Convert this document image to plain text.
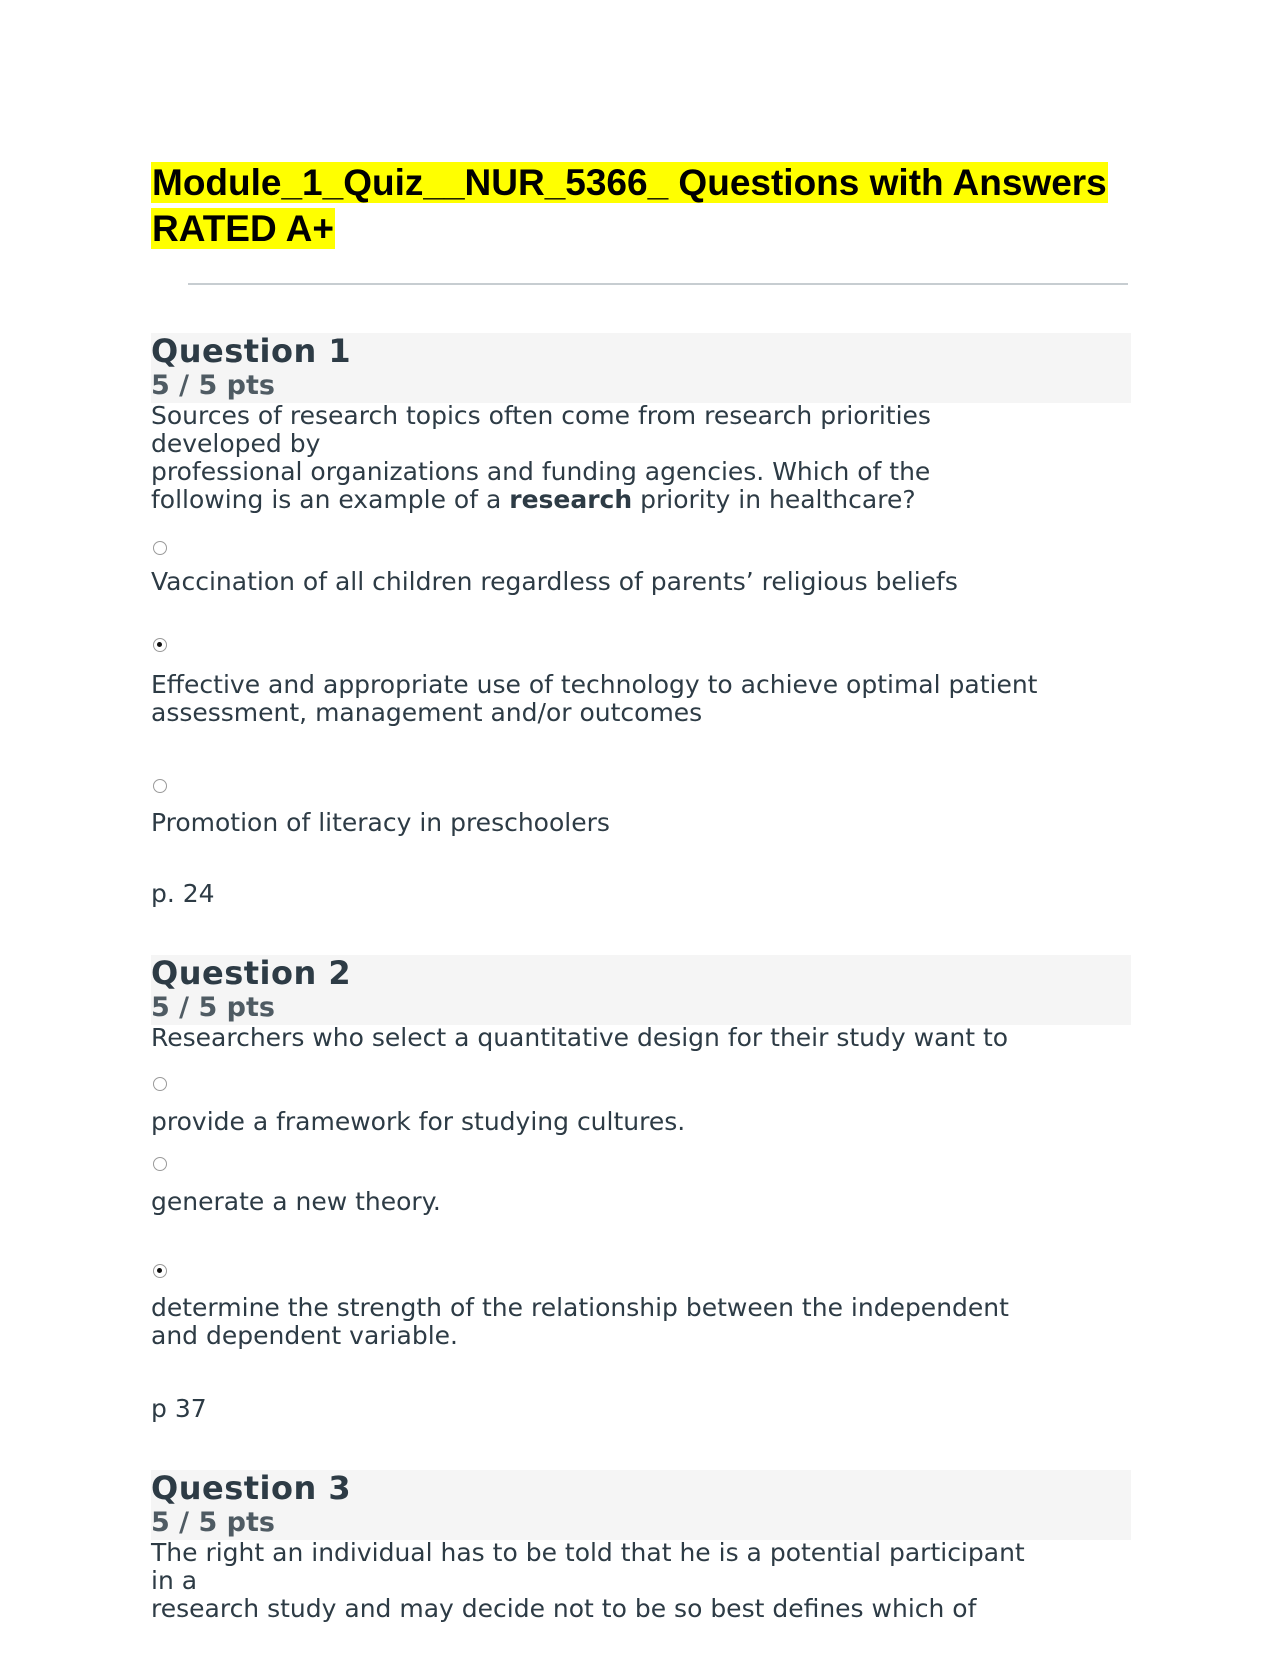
Module_1_Quiz__NUR_5366_ Questions with Answers
RATED A+
Question 1
5 / 5 pts

Sources of research topics often come from research priorities
developed by

professional organizations and funding agencies. Which of the
following is an example of a research priority in healthcare?

Vaccination of all children regardless of parents’ religious beliefs

Effective and appropriate use of technology to achieve optimal patient
assessment, management and/or outcomes

Promotion of literacy in preschoolers

p. 24

Question 2
5 / 5 pts

Researchers who select a quantitative design for their study want to

provide a framework for studying cultures.

generate a new theory.

determine the strength of the relationship between the independent
and dependent variable.

p 37

Question 3
5 / 5 pts

The right an individual has to be told that he is a potential participant
in a

research study and may decide not to be so best defines which of
